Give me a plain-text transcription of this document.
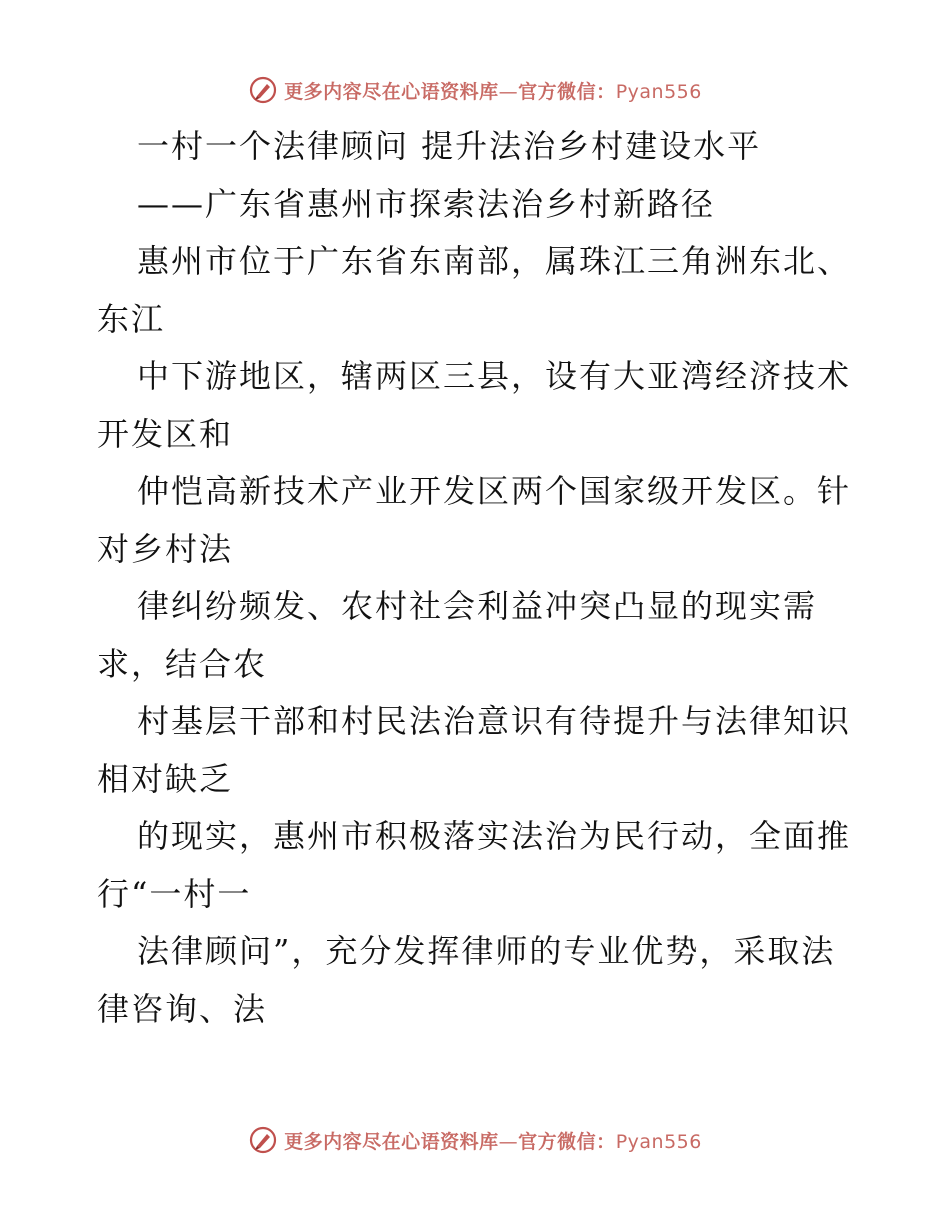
更多内容尽在心语资料库—官方微信：Pyan556
一村一个法律顾问 提升法治乡村建设水平
——广东省惠州市探索法治乡村新路径
惠州市位于广东省东南部，属珠江三角洲东北、
东江
中下游地区，辖两区三县，设有大亚湾经济技术
开发区和
仲恺高新技术产业开发区两个国家级开发区。针
对乡村法
律纠纷频发、农村社会利益冲突凸显的现实需
求，结合农
村基层干部和村民法治意识有待提升与法律知识
相对缺乏
的现实，惠州市积极落实法治为民行动，全面推
行“一村一
法律顾问”，充分发挥律师的专业优势，采取法
律咨询、法
更多内容尽在心语资料库—官方微信：Pyan556
